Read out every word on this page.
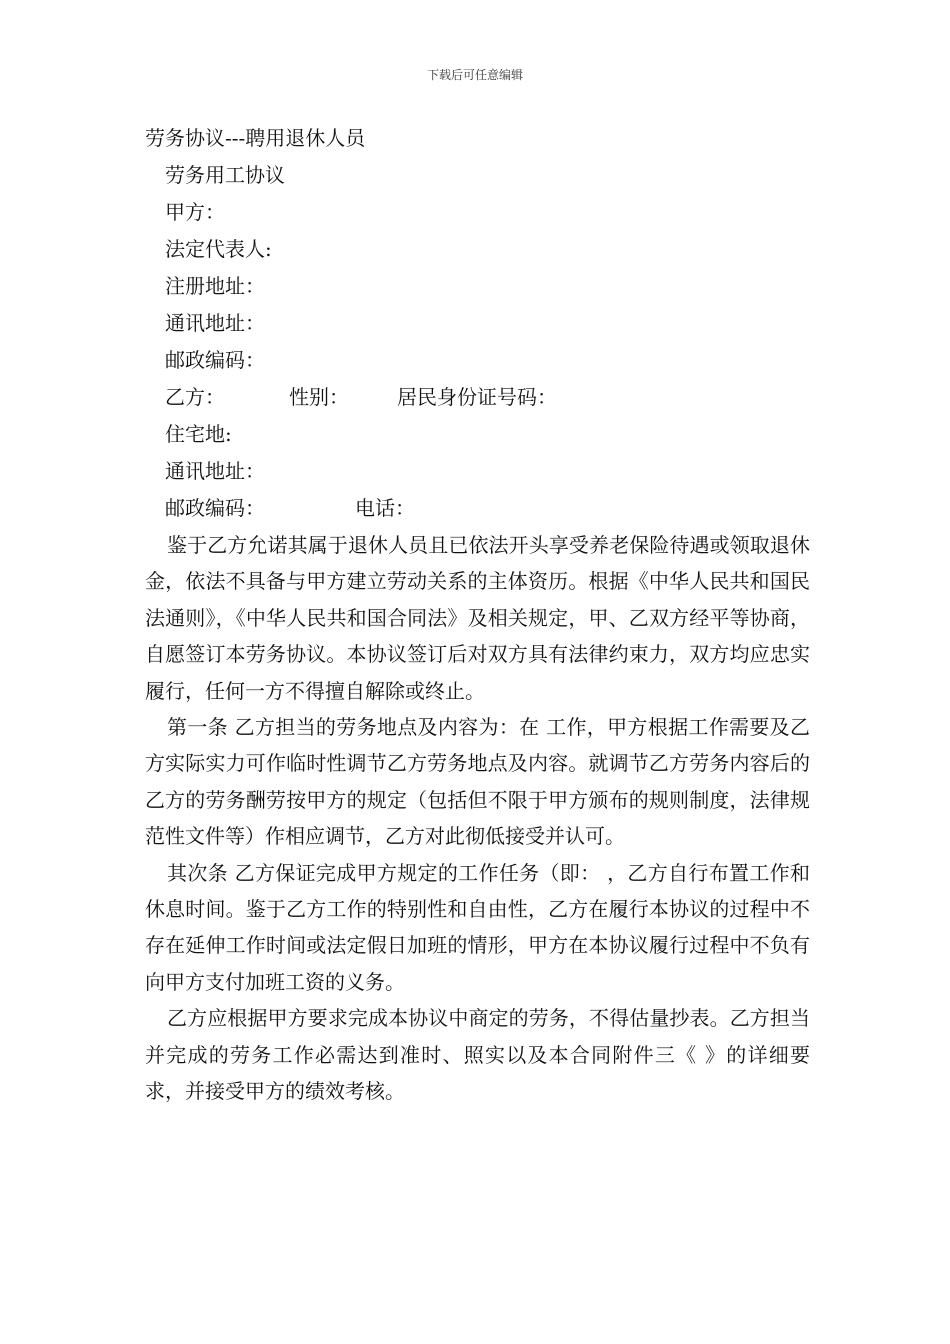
下载后可任意编辑
劳务协议---聘用退休人员
劳务用工协议
甲方：
法定代表人:
注册地址：
通讯地址：
邮政编码：
乙方：	性别： 居民身份证号码：
住宅地:
通讯地址：
邮政编码：	电话：

鉴于乙方允诺其属于退休人员且已依法开头享受养老保险待遇或领取退休金，依法不具备与甲方建立劳动关系的主体资历。根据《中华人民共和国民法通则》，《中华人民共和国合同法》及相关规定，甲、乙双方经平等协商，自愿签订本劳务协议。本协议签订后对双方具有法律约束力，双方均应忠实履行，任何一方不得擅自解除或终止。

第一条 乙方担当的劳务地点及内容为：在 工作，甲方根据工作需要及乙方实际实力可作临时性调节乙方劳务地点及内容。就调节乙方劳务内容后的乙方的劳务酬劳按甲方的规定（包括但不限于甲方颁布的规则制度，法律规范性文件等）作相应调节，乙方对此彻低接受并认可。

其次条 乙方保证完成甲方规定的工作任务（即： ，乙方自行布置工作和休息时间。鉴于乙方工作的特别性和自由性，乙方在履行本协议的过程中不存在延伸工作时间或法定假日加班的情形，甲方在本协议履行过程中不负有向甲方支付加班工资的义务。

乙方应根据甲方要求完成本协议中商定的劳务，不得估量抄表。乙方担当并完成的劳务工作必需达到准时、照实以及本合同附件三《 》的详细要求，并接受甲方的绩效考核。
